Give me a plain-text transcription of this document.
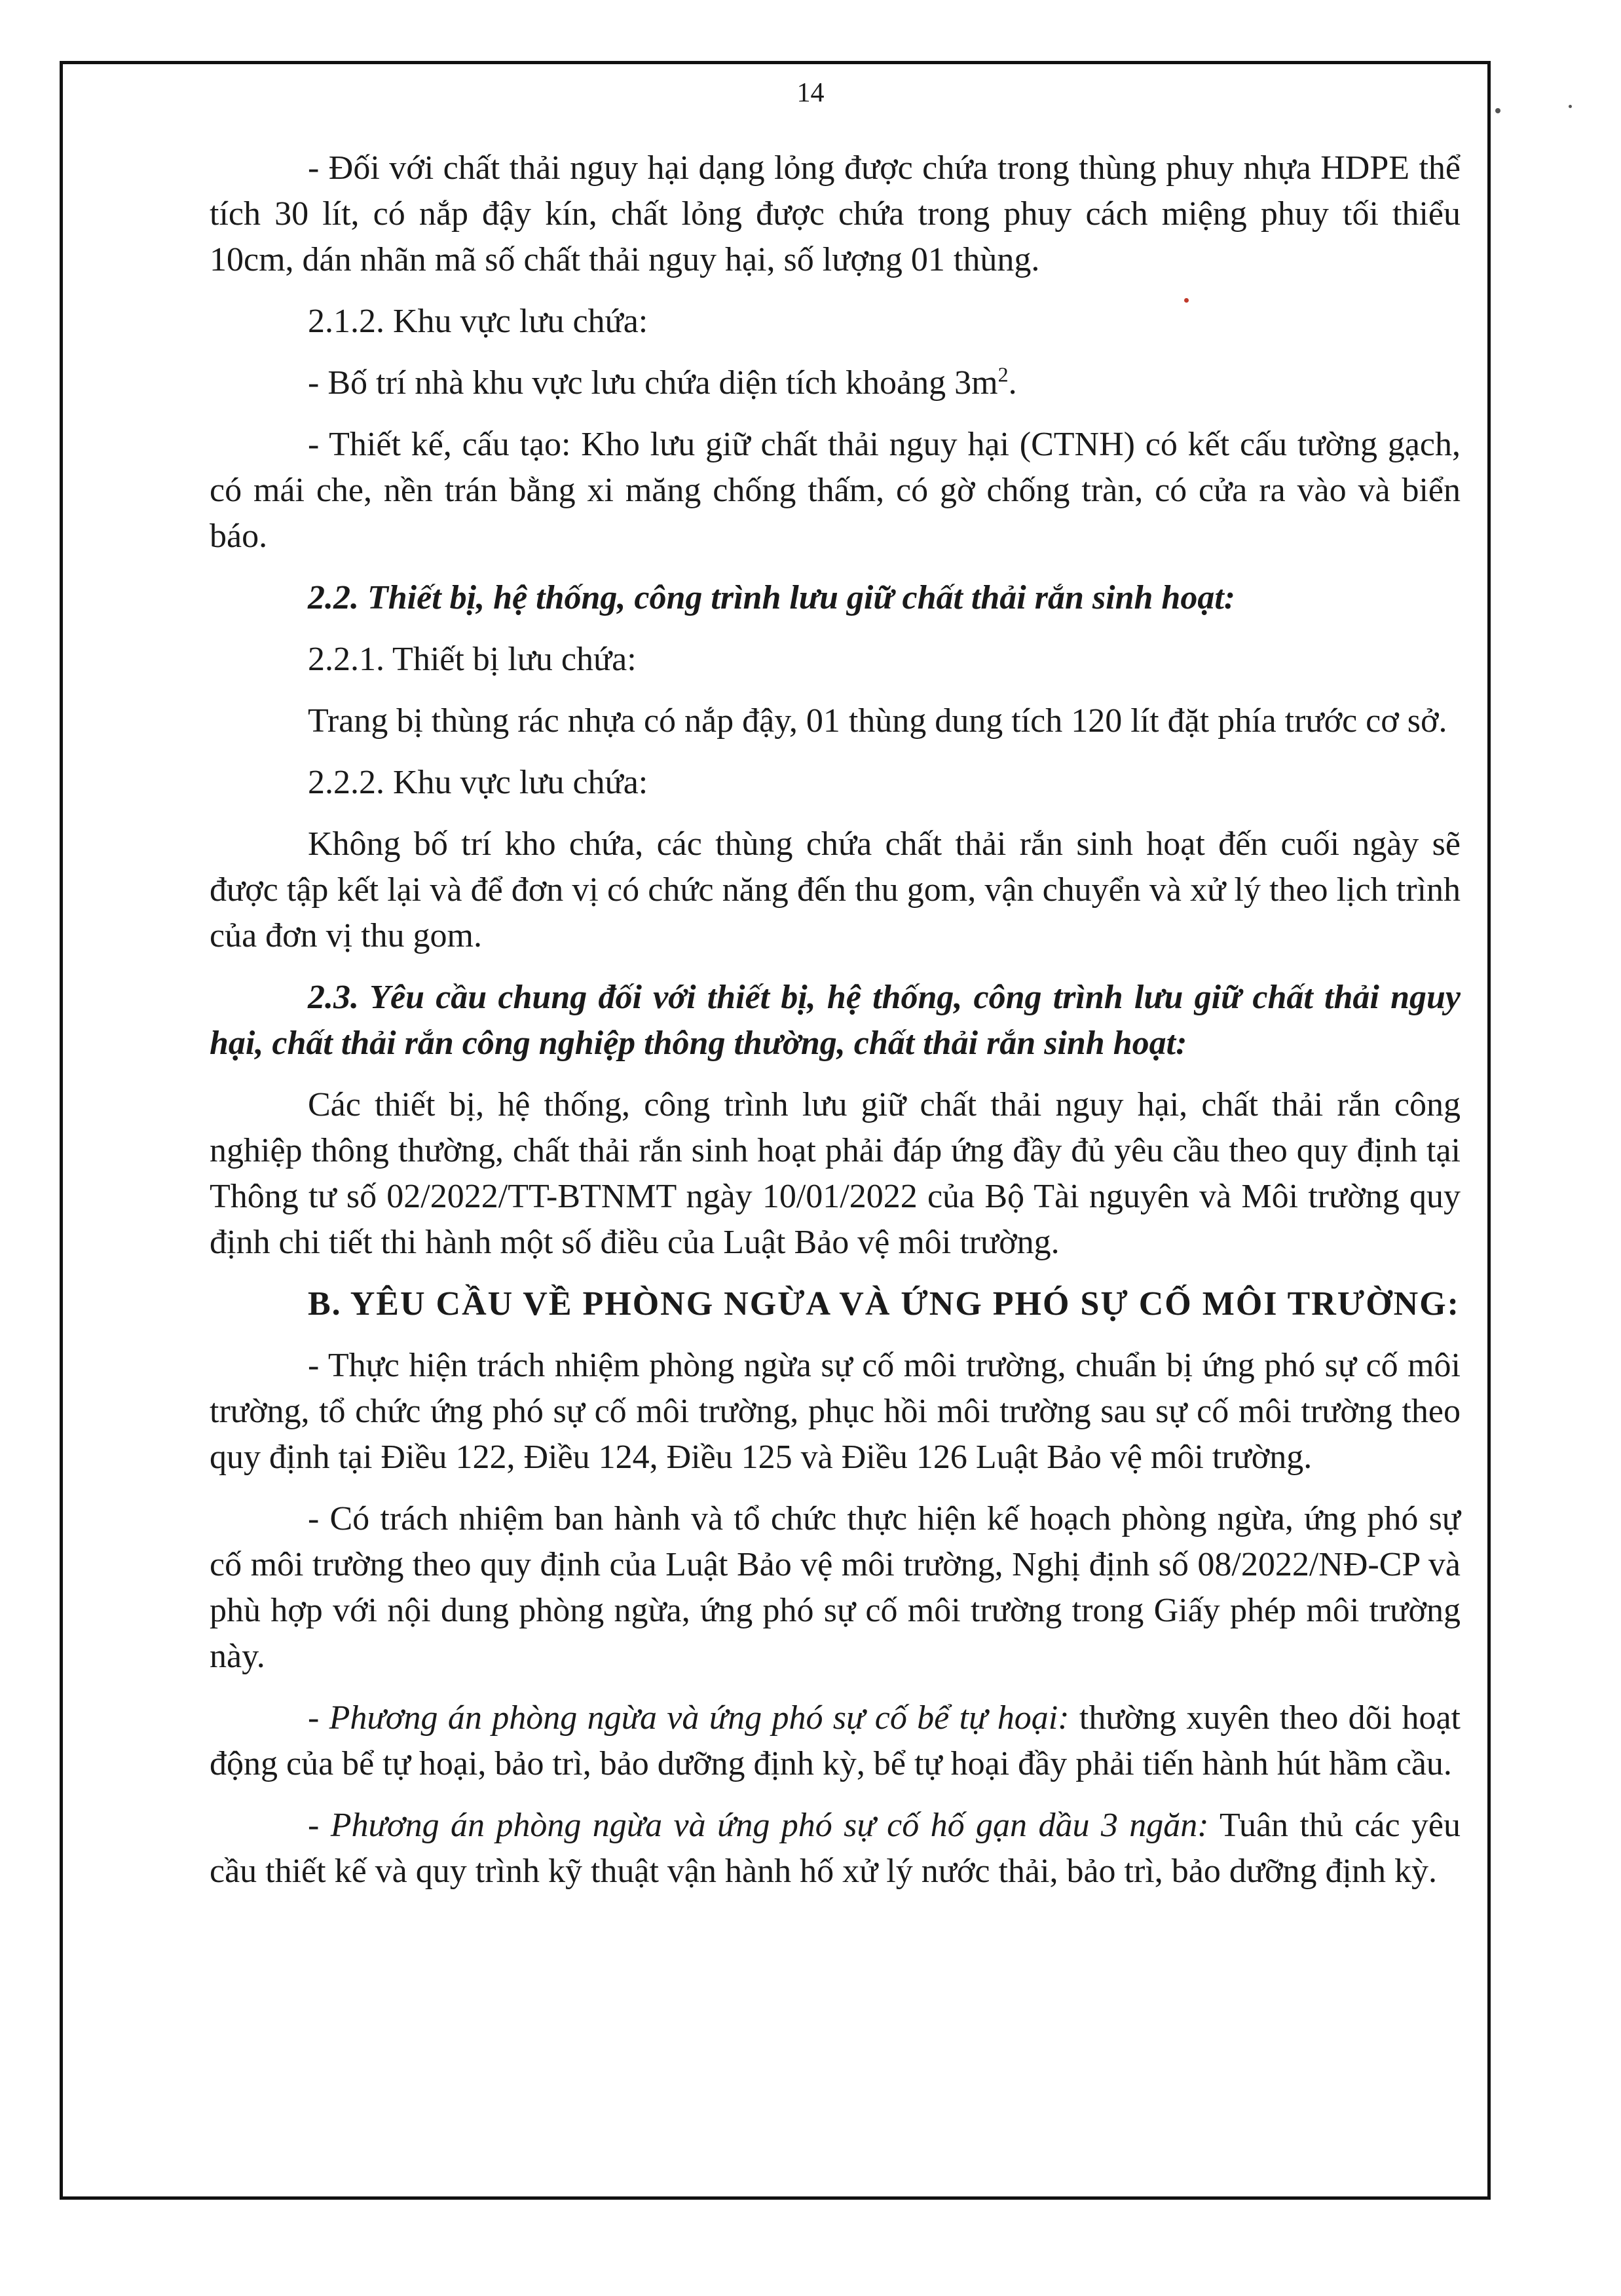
14

- Đối với chất thải nguy hại dạng lỏng được chứa trong thùng phuy nhựa HDPE thể tích 30 lít, có nắp đậy kín, chất lỏng được chứa trong phuy cách miệng phuy tối thiểu 10cm, dán nhãn mã số chất thải nguy hại, số lượng 01 thùng.

2.1.2. Khu vực lưu chứa:

- Bố trí nhà khu vực lưu chứa diện tích khoảng $3m^2$.

- Thiết kế, cấu tạo: Kho lưu giữ chất thải nguy hại (CTNH) có kết cấu tường gạch, có mái che, nền trán bằng xi măng chống thấm, có gờ chống tràn, có cửa ra vào và biển báo.

2.2. Thiết bị, hệ thống, công trình lưu giữ chất thải rắn sinh hoạt:

2.2.1. Thiết bị lưu chứa:

Trang bị thùng rác nhựa có nắp đậy, 01 thùng dung tích 120 lít đặt phía trước cơ sở.

2.2.2. Khu vực lưu chứa:

Không bố trí kho chứa, các thùng chứa chất thải rắn sinh hoạt đến cuối ngày sẽ được tập kết lại và để đơn vị có chức năng đến thu gom, vận chuyển và xử lý theo lịch trình của đơn vị thu gom.

2.3. Yêu cầu chung đối với thiết bị, hệ thống, công trình lưu giữ chất thải nguy hại, chất thải rắn công nghiệp thông thường, chất thải rắn sinh hoạt:

Các thiết bị, hệ thống, công trình lưu giữ chất thải nguy hại, chất thải rắn công nghiệp thông thường, chất thải rắn sinh hoạt phải đáp ứng đầy đủ yêu cầu theo quy định tại Thông tư số 02/2022/TT-BTNMT ngày 10/01/2022 của Bộ Tài nguyên và Môi trường quy định chi tiết thi hành một số điều của Luật Bảo vệ môi trường.

B. YÊU CẦU VỀ PHÒNG NGỪA VÀ ỨNG PHÓ SỰ CỐ MÔI TRƯỜNG:

- Thực hiện trách nhiệm phòng ngừa sự cố môi trường, chuẩn bị ứng phó sự cố môi trường, tổ chức ứng phó sự cố môi trường, phục hồi môi trường sau sự cố môi trường theo quy định tại Điều 122, Điều 124, Điều 125 và Điều 126 Luật Bảo vệ môi trường.

- Có trách nhiệm ban hành và tổ chức thực hiện kế hoạch phòng ngừa, ứng phó sự cố môi trường theo quy định của Luật Bảo vệ môi trường, Nghị định số 08/2022/NĐ-CP và phù hợp với nội dung phòng ngừa, ứng phó sự cố môi trường trong Giấy phép môi trường này.

- Phương án phòng ngừa và ứng phó sự cố bể tự hoại: thường xuyên theo dõi hoạt động của bể tự hoại, bảo trì, bảo dưỡng định kỳ, bể tự hoại đầy phải tiến hành hút hầm cầu.

- Phương án phòng ngừa và ứng phó sự cố hố gạn dầu 3 ngăn: Tuân thủ các yêu cầu thiết kế và quy trình kỹ thuật vận hành hố xử lý nước thải, bảo trì, bảo dưỡng định kỳ.
